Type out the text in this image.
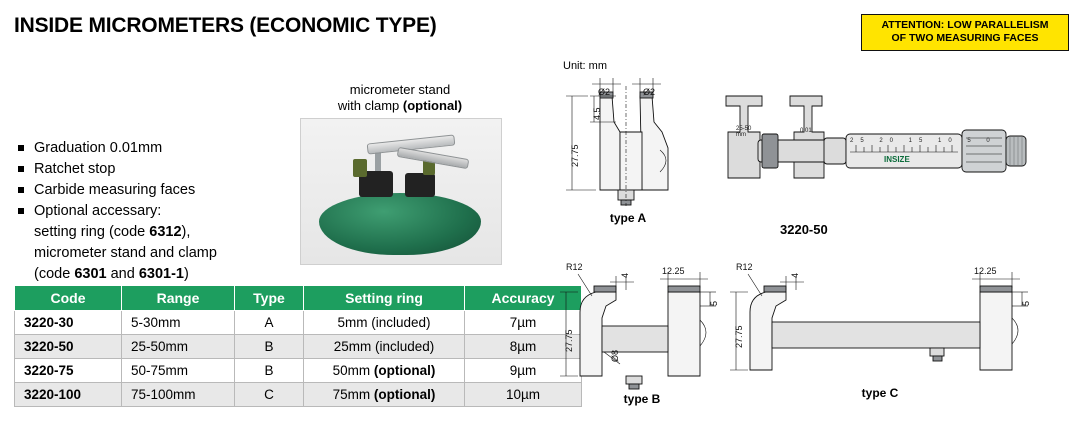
INSIDE MICROMETERS (ECONOMIC TYPE)	ATTENTION: LOW PARALLELISM
OF TWO MEASURING FACES
Graduation 0.01mm
Ratchet stop
Carbide measuring faces
Optional accessary:
setting ring (code 6312),
micrometer stand and clamp
(code 6301 and 6301-1)
micrometer stand
with clamp (optional)
Code	Range	Type	Setting ring	Accuracy
3220-30	5-30mm	A	5mm (included)	7µm
3220-50	25-50mm	B	25mm (included)	8µm
3220-75	50-75mm	B	50mm (optional)	9µm
3220-100	75-100mm	C	75mm (optional)	10µm
Unit: mm
Ø2	Ø2
4.5
27.75
type A
25-50
mm
0.01
25 20 15 10 5 0
INSIZE
3220-50
R12
4	12.25
5
27.75
Ø8
type B
R12
4	12.25
5
27.75
type C
